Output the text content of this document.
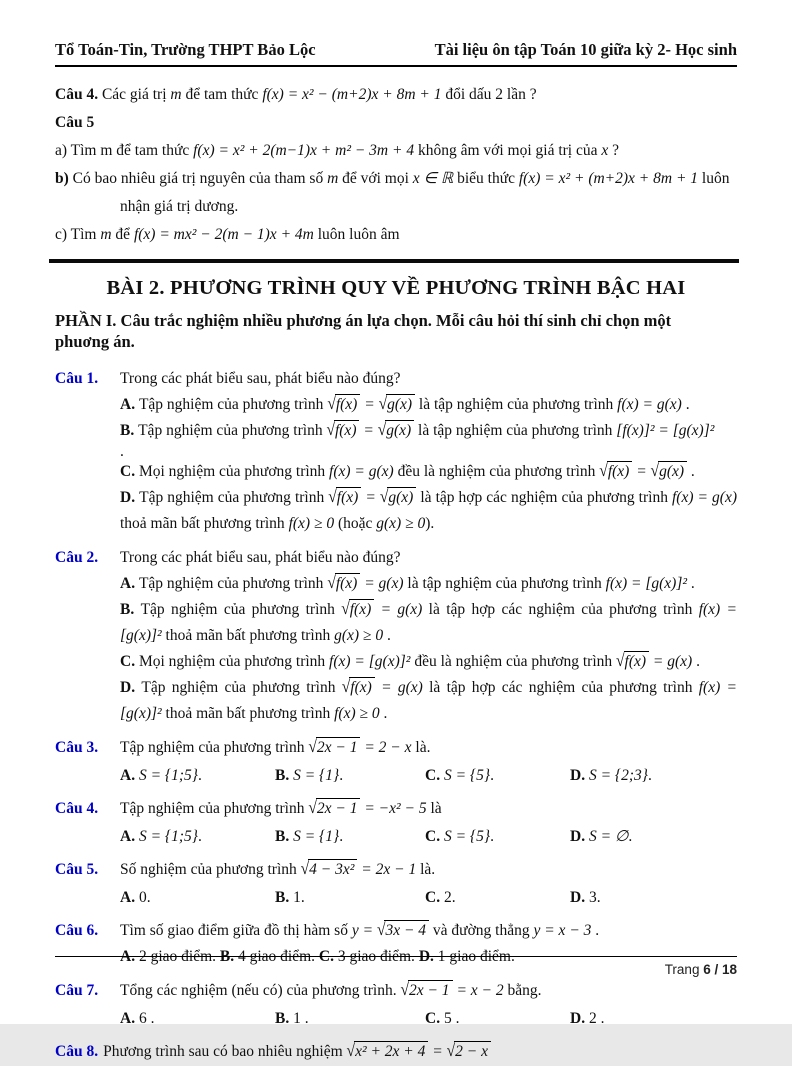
Tổ Toán-Tin, Trường THPT Bảo Lộc	Tài liệu ôn tập Toán 10 giữa kỳ 2- Học sinh

Câu 4. Các giá trị m để tam thức f(x) = x² − (m+2)x + 8m + 1 đổi dấu 2 lần ?

Câu 5

a) Tìm m để tam thức f(x) = x² + 2(m−1)x + m² − 3m + 4 không âm với mọi giá trị của x ?

b) Có bao nhiêu giá trị nguyên của tham số m để với mọi x ∈ ℝ biểu thức f(x) = x² + (m+2)x + 8m + 1 luôn

nhận giá trị dương.

c) Tìm m để f(x) = mx² − 2(m − 1)x + 4m luôn luôn âm

BÀI 2. PHƯƠNG TRÌNH QUY VỀ PHƯƠNG TRÌNH BẬC HAI
PHẦN I. Câu trắc nghiệm nhiều phương án lựa chọn. Mỗi câu hỏi thí sinh chỉ chọn một phuơng án.
Câu 1.	Trong các phát biểu sau, phát biểu nào đúng?
A. Tập nghiệm của phương trình √f(x) = √g(x) là tập nghiệm của phương trình f(x) = g(x) .
B. Tập nghiệm của phương trình √f(x) = √g(x) là tập nghiệm của phương trình [f(x)]² = [g(x)]²
.
C. Mọi nghiệm của phương trình f(x) = g(x) đều là nghiệm của phương trình √f(x) = √g(x) .
D. Tập nghiệm của phương trình √f(x) = √g(x) là tập hợp các nghiệm của phương trình f(x) = g(x) thoả mãn bất phương trình f(x) ≥ 0 (hoặc g(x) ≥ 0).
Câu 2.	Trong các phát biểu sau, phát biểu nào đúng?
A. Tập nghiệm của phương trình √f(x) = g(x) là tập nghiệm của phương trình f(x) = [g(x)]² .
B. Tập nghiệm của phương trình √f(x) = g(x) là tập hợp các nghiệm của phương trình f(x) = [g(x)]² thoả mãn bất phương trình g(x) ≥ 0 .
C. Mọi nghiệm của phương trình f(x) = [g(x)]² đều là nghiệm của phương trình √f(x) = g(x) .
D. Tập nghiệm của phương trình √f(x) = g(x) là tập hợp các nghiệm của phương trình f(x) = [g(x)]² thoả mãn bất phương trình f(x) ≥ 0 .
Câu 3.	Tập nghiệm của phương trình √2x − 1 = 2 − x là.
A. S = {1;5}.	B. S = {1}.	C. S = {5}.	D. S = {2;3}.
Câu 4.	Tập nghiệm của phương trình √2x − 1 = −x² − 5 là
A. S = {1;5}.	B. S = {1}.	C. S = {5}.	D. S = ∅.
Câu 5.	Số nghiệm của phương trình √4 − 3x² = 2x − 1 là.
A. 0.	B. 1.	C. 2.	D. 3.
Câu 6.	Tìm số giao điểm giữa đồ thị hàm số y = √3x − 4 và đường thẳng y = x − 3 .
A. 2 giao điểm. B. 4 giao điểm. C. 3 giao điểm. D. 1 giao điểm.
Câu 7.	Tổng các nghiệm (nếu có) của phương trình. √2x − 1 = x − 2 bằng.
A. 6 .	B. 1 .	C. 5 .	D. 2 .

Câu 8. Phương trình sau có bao nhiêu nghiệm √x² + 2x + 4 = √2 − x

Trang 6 / 18
